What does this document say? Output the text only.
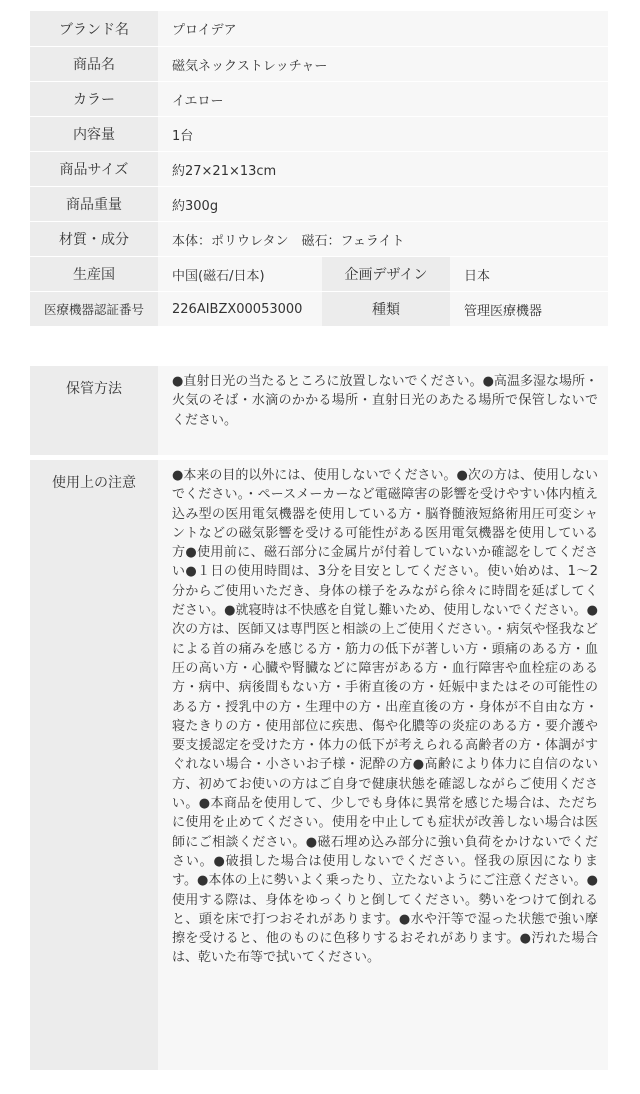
ブランド名	プロイデア		
商品名	磁気ネックストレッチャー		
カラー	イエロー		
内容量	1台		
商品サイズ	約27×21×13cm		
商品重量	約300g		
材質・成分	本体：ポリウレタン　磁石：フェライト		
生産国	中国(磁石/日本)	企画デザイン	日本
医療機器認証番号	226AIBZX00053000	種類	管理医療機器
保管方法	●直射日光の当たるところに放置しないでください。●高温多湿な場所・火気のそば・水滴のかかる場所・直射日光のあたる場所で保管しないでください。
使用上の注意	●本来の目的以外には、使用しないでください。●次の方は、使用しないでください。・ペースメーカーなど電磁障害の影響を受けやすい体内植え込み型の医用電気機器を使用している方・脳脊髄液短絡術用圧可変シャントなどの磁気影響を受ける可能性がある医用電気機器を使用している方●使用前に、磁石部分に金属片が付着していないか確認をしてください●１日の使用時間は、3分を目安としてください。使い始めは、1〜2分からご使用いただき、身体の様子をみながら徐々に時間を延ばしてください。●就寝時は不快感を自覚し難いため、使用しないでください。●次の方は、医師又は専門医と相談の上ご使用ください。・病気や怪我などによる首の痛みを感じる方・筋力の低下が著しい方・頭痛のある方・血圧の高い方・心臓や腎臓などに障害がある方・血行障害や血栓症のある方・病中、病後間もない方・手術直後の方・妊娠中またはその可能性のある方・授乳中の方・生理中の方・出産直後の方・身体が不自由な方・寝たきりの方・使用部位に疾患、傷や化膿等の炎症のある方・要介護や要支援認定を受けた方・体力の低下が考えられる高齢者の方・体調がすぐれない場合・小さいお子様・泥酔の方●高齢により体力に自信のない方、初めてお使いの方はご自身で健康状態を確認しながらご使用ください。●本商品を使用して、少しでも身体に異常を感じた場合は、ただちに使用を止めてください。使用を中止しても症状が改善しない場合は医師にご相談ください。●磁石埋め込み部分に強い負荷をかけないでください。●破損した場合は使用しないでください。怪我の原因になります。●本体の上に勢いよく乗ったり、立たないようにご注意ください。●使用する際は、身体をゆっくりと倒してください。勢いをつけて倒れると、頭を床で打つおそれがあります。●水や汗等で湿った状態で強い摩擦を受けると、他のものに色移りするおそれがあります。●汚れた場合は、乾いた布等で拭いてください。
